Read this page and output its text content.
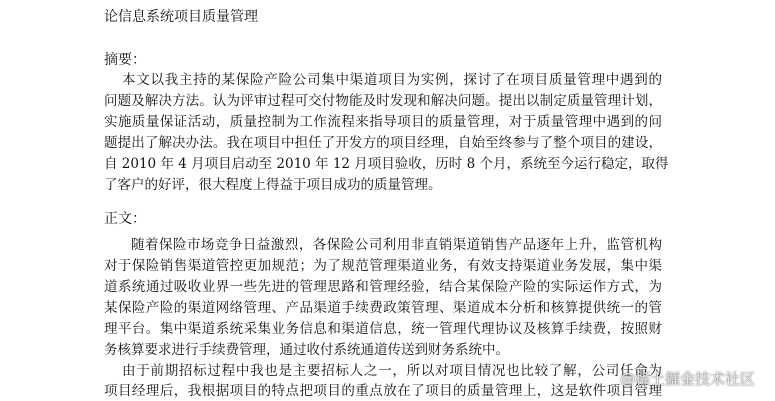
论信息系统项目质量管理
摘要：
本文以我主持的某保险产险公司集中渠道项目为实例，探讨了在项目质量管理中遇到的
问题及解决方法。认为评审过程可交付物能及时发现和解决问题。提出以制定质量管理计划，
实施质量保证活动，质量控制为工作流程来指导项目的质量管理，对于质量管理中遇到的问
题提出了解决办法。我在项目中担任了开发方的项目经理，自始至终参与了整个项目的建设，
自 2010 年 4 月项目启动至 2010 年 12 月项目验收，历时 8 个月，系统至今运行稳定，取得
了客户的好评，很大程度上得益于项目成功的质量管理。
正文：
随着保险市场竞争日益激烈，各保险公司利用非直销渠道销售产品逐年上升，监管机构
对于保险销售渠道管控更加规范；为了规范管理渠道业务，有效支持渠道业务发展，集中渠
道系统通过吸收业界一些先进的管理思路和管理经验，结合某保险产险的实际运作方式，为
某保险产险的渠道网络管理、产品渠道手续费政策管理、渠道成本分析和核算提供统一的管
理平台。集中渠道系统采集业务信息和渠道信息，统一管理代理协议及核算手续费，按照财
务核算要求进行手续费管理，通过收付系统通道传送到财务系统中。
由于前期招标过程中我也是主要招标人之一，所以对项目情况也比较了解，公司任命为
项目经理后，我根据项目的特点把项目的重点放在了项目的质量管理上，这是软件项目管理
@稀土掘金技术社区
